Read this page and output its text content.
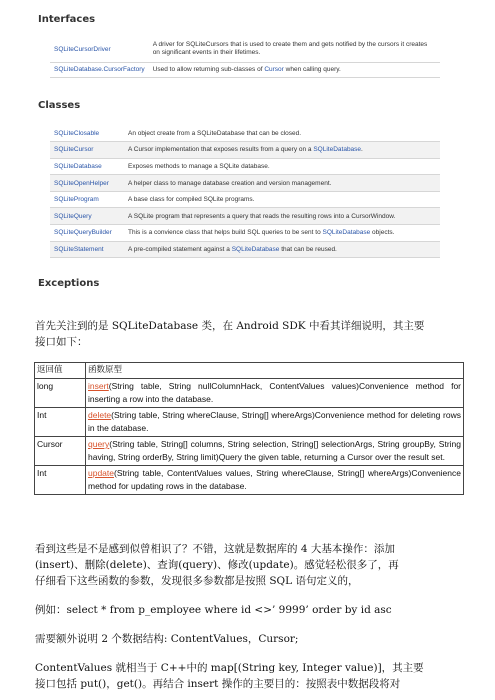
Interfaces
SQLiteCursorDriver	A driver for SQLiteCursors that is used to create them and gets notified by the cursors it creates on significant events in their lifetimes.
SQLiteDatabase.CursorFactory	Used to allow returning sub-classes of Cursor when calling query.
Classes
SQLiteClosable	An object create from a SQLiteDatabase that can be closed.
SQLiteCursor	A Cursor implementation that exposes results from a query on a SQLiteDatabase.
SQLiteDatabase	Exposes methods to manage a SQLite database.
SQLiteOpenHelper	A helper class to manage database creation and version management.
SQLiteProgram	A base class for compiled SQLite programs.
SQLiteQuery	A SQLite program that represents a query that reads the resulting rows into a CursorWindow.
SQLiteQueryBuilder	This is a convience class that helps build SQL queries to be sent to SQLiteDatabase objects.
SQLiteStatement	A pre-compiled statement against a SQLiteDatabase that can be reused.
Exceptions
首先关注到的是 SQLiteDatabase 类，在 Android SDK 中看其详细说明，其主要
接口如下：
返回值	函数原型
long	insert(String table, String nullColumnHack, ContentValues values)Convenience method for inserting a row into the database.
Int	delete(String table, String whereClause, String[] whereArgs)Convenience method for deleting rows in the database.
Cursor	query(String table, String[] columns, String selection, String[] selectionArgs, String groupBy, String having, String orderBy, String limit)Query the given table, returning a Cursor over the result set.
Int	update(String table, ContentValues values, String whereClause, String[] whereArgs)Convenience method for updating rows in the database.
看到这些是不是感到似曾相识了？不错，这就是数据库的 4 大基本操作：添加
(insert)、删除(delete)、查询(query)、修改(update)。感觉轻松很多了，再
仔细看下这些函数的参数，发现很多参数都是按照 SQL 语句定义的，
例如：select * from p_employee where id <>’ 9999’ order by id asc
需要额外说明 2 个数据结构: ContentValues，Cursor;
ContentValues 就相当于 C++中的 map[(String key, Integer value)]，其主要
接口包括 put()，get()。再结合 insert 操作的主要目的：按照表中数据段将对
